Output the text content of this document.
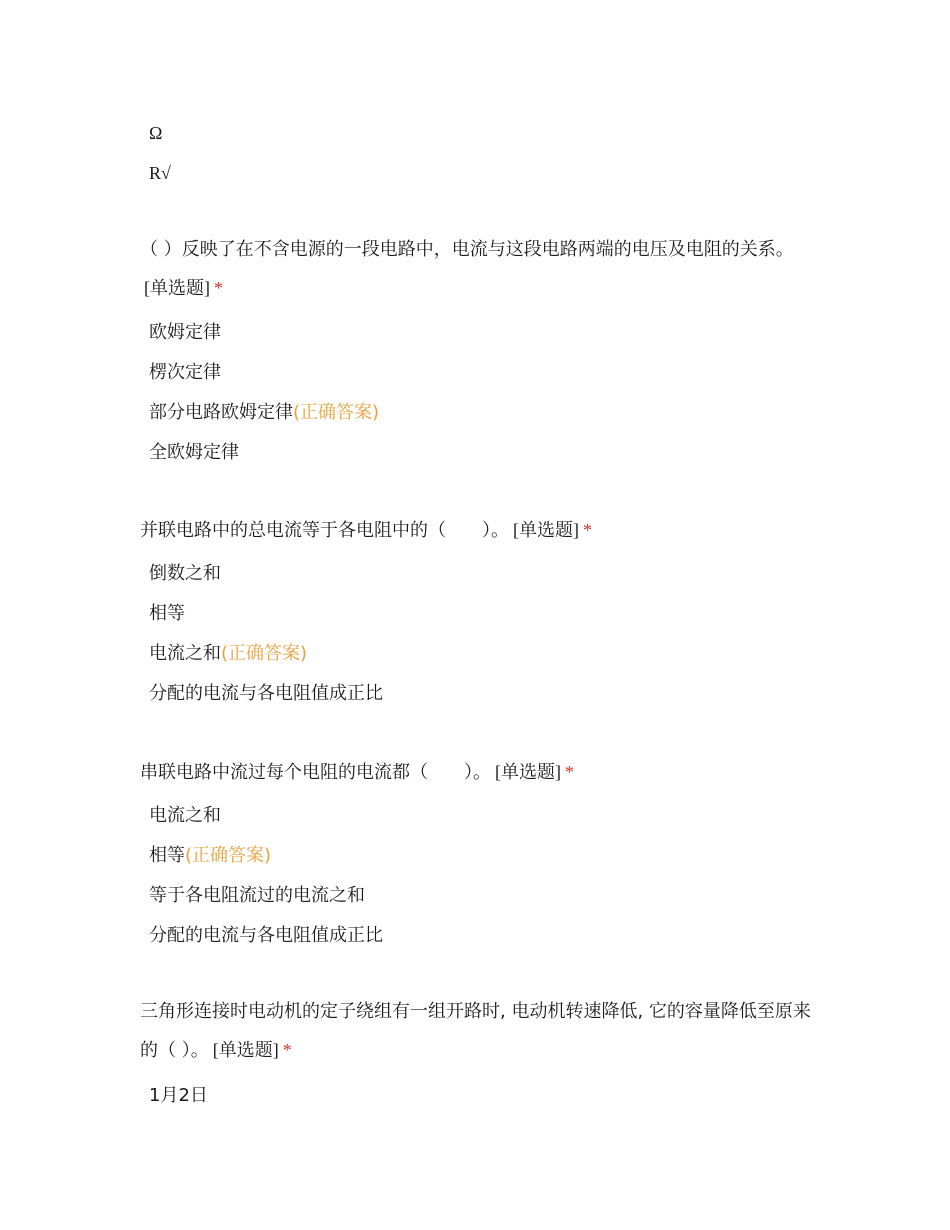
Ω
R√
（ ）反映了在不含电源的一段电路中，电流与这段电路两端的电压及电阻的关系。[单选题] *
欧姆定律
楞次定律
部分电路欧姆定律(正确答案)
全欧姆定律
并联电路中的总电流等于各电阻中的（　　）。 [单选题] *
倒数之和
相等
电流之和(正确答案)
分配的电流与各电阻值成正比
串联电路中流过每个电阻的电流都（　　）。 [单选题] *
电流之和
相等(正确答案)
等于各电阻流过的电流之和
分配的电流与各电阻值成正比
三角形连接时电动机的定子绕组有一组开路时, 电动机转速降低, 它的容量降低至原来的（ ）。 [单选题] *
1月2日
